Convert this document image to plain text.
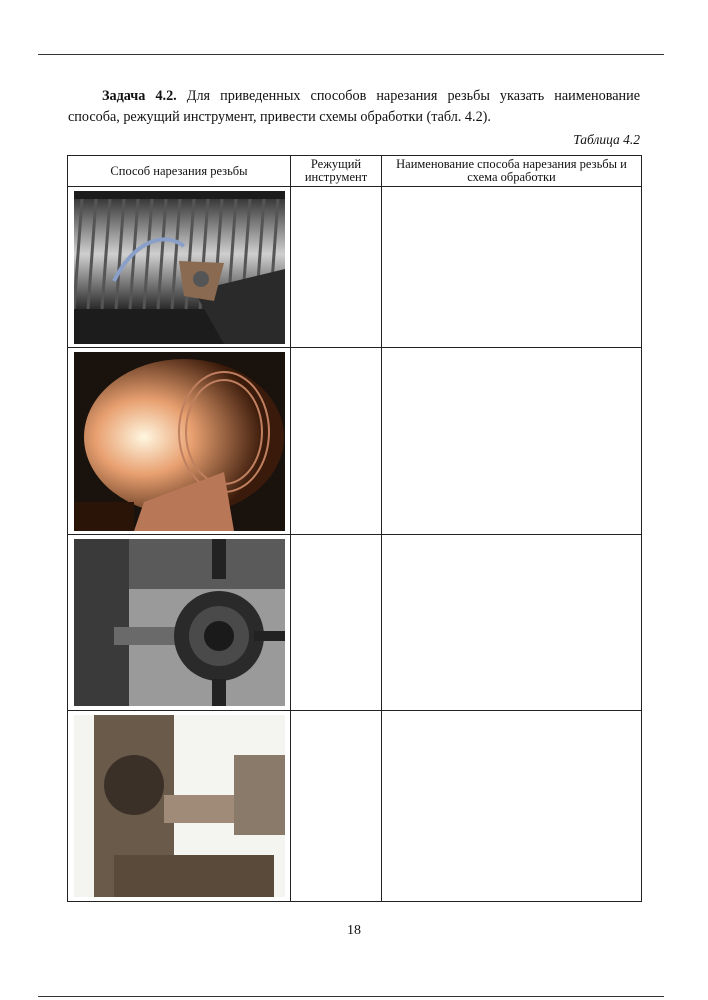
Задача 4.2. Для приведенных способов нарезания резьбы указать наименование способа, режущий инструмент, привести схемы обработки (табл. 4.2).
Таблица 4.2
Способ нарезания резьбы	Режущий инструмент	Наименование способа нарезания резьбы и схема обработки

18
